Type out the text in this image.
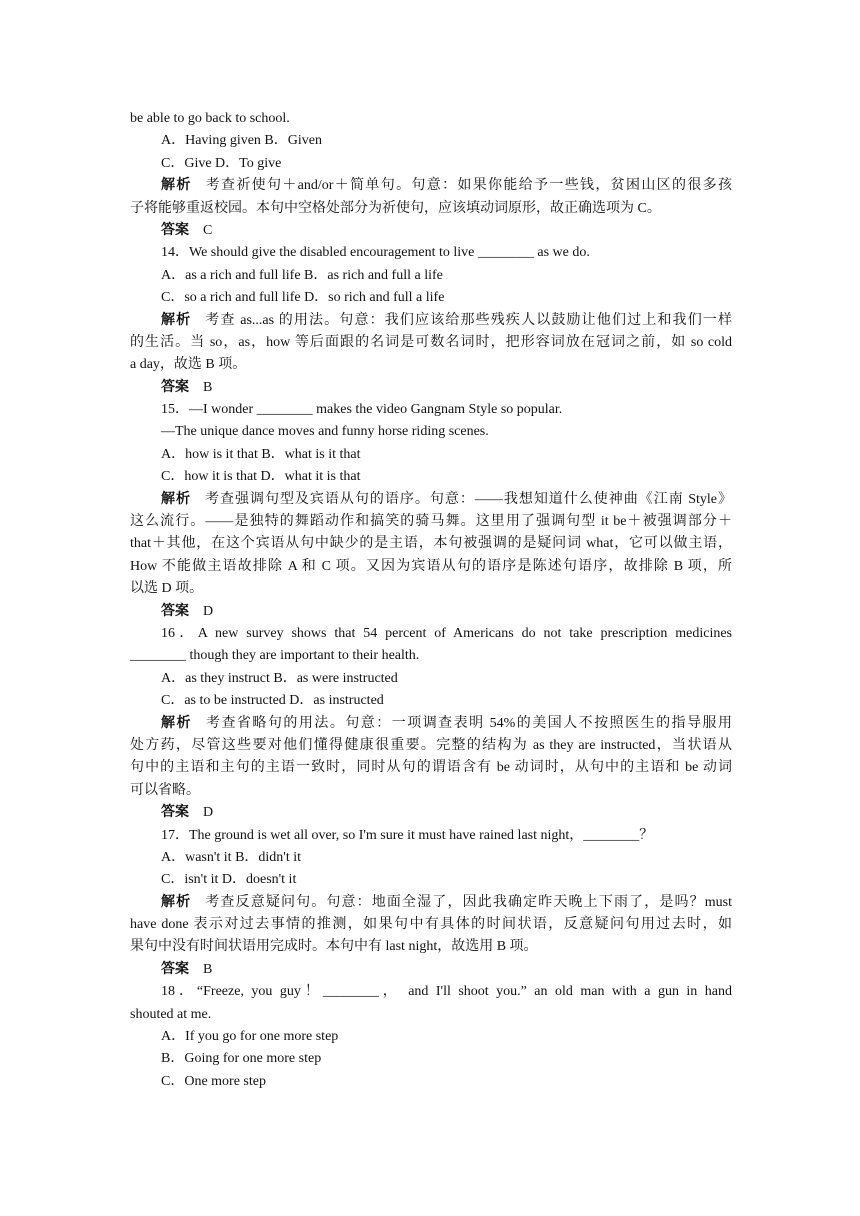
be able to go back to school.
A．Having given B．Given
C．Give D．To give
解析 考查祈使句＋and/or＋简单句。句意：如果你能给予一些钱，贫困山区的很多孩
子将能够重返校园。本句中空格处部分为祈使句，应该填动词原形，故正确选项为 C。
答案 C
14．We should give the disabled encouragement to live ________ as we do.
A．as a rich and full life B．as rich and full a life
C．so a rich and full life D．so rich and full a life
解析 考查 as...as 的用法。句意：我们应该给那些残疾人以鼓励让他们过上和我们一样
的生活。当 so，as，how 等后面跟的名词是可数名词时，把形容词放在冠词之前，如 so cold
a day，故选 B 项。
答案 B
15．—I wonder ________ makes the video Gangnam Style so popular.
—The unique dance moves and funny horse riding scenes.
A．how is it that B．what is it that
C．how it is that D．what it is that
解析 考查强调句型及宾语从句的语序。句意：——我想知道什么使神曲《江南 Style》
这么流行。——是独特的舞蹈动作和搞笑的骑马舞。这里用了强调句型 it be＋被强调部分＋
that＋其他，在这个宾语从句中缺少的是主语，本句被强调的是疑问词 what，它可以做主语，
How 不能做主语故排除 A 和 C 项。又因为宾语从句的语序是陈述句语序，故排除 B 项，所
以选 D 项。
答案 D
16．A new survey shows that 54 percent of Americans do not take prescription medicines
________ though they are important to their health.
A．as they instruct B．as were instructed
C．as to be instructed D．as instructed
解析 考查省略句的用法。句意：一项调查表明 54%的美国人不按照医生的指导服用
处方药，尽管这些要对他们懂得健康很重要。完整的结构为 as they are instructed，当状语从
句中的主语和主句的主语一致时，同时从句的谓语含有 be 动词时，从句中的主语和 be 动词
可以省略。
答案 D
17．The ground is wet all over, so I'm sure it must have rained last night，________？
A．wasn't it B．didn't it
C．isn't it D．doesn't it
解析 考查反意疑问句。句意：地面全湿了，因此我确定昨天晚上下雨了，是吗？must
have done 表示对过去事情的推测，如果句中有具体的时间状语，反意疑问句用过去时，如
果句中没有时间状语用完成时。本句中有 last night，故选用 B 项。
答案 B
18．“Freeze, you guy！________， and I'll shoot you.” an old man with a gun in hand
shouted at me.
A．If you go for one more step
B．Going for one more step
C．One more step
